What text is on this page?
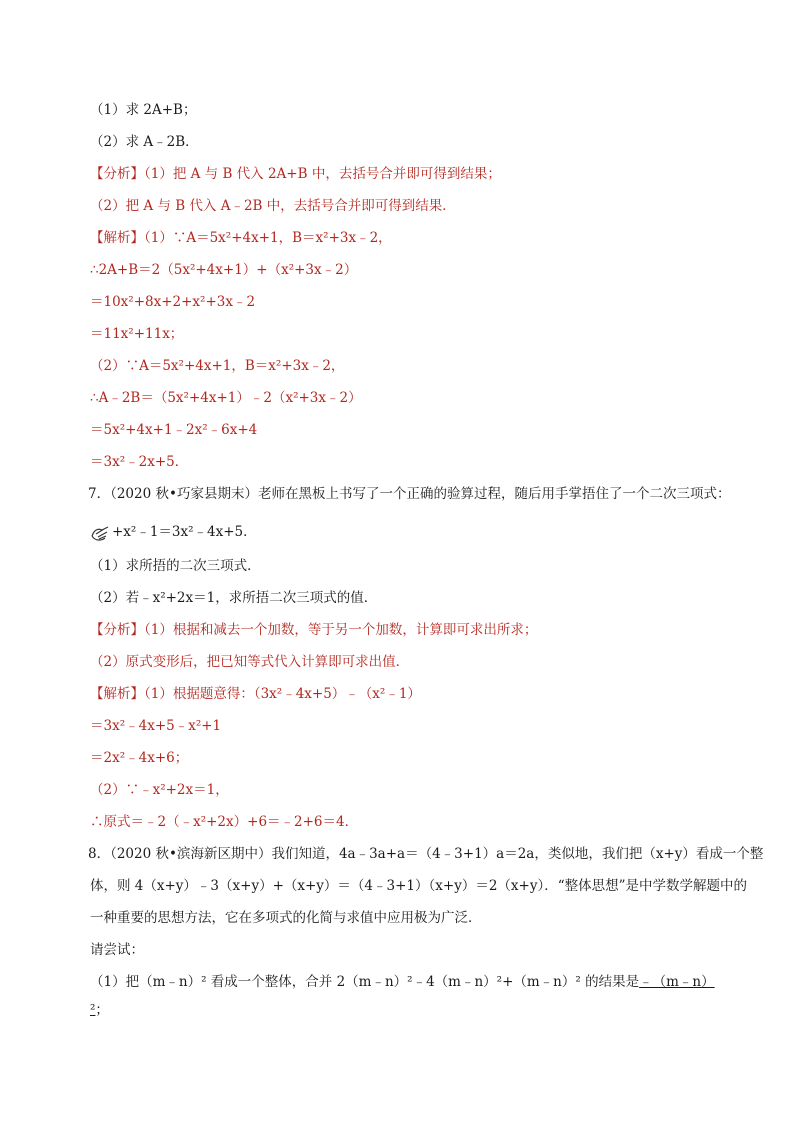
（1）求 2A+B；
（2）求 A﹣2B．
【分析】（1）把 A 与 B 代入 2A+B 中，去括号合并即可得到结果；
（2）把 A 与 B 代入 A﹣2B 中，去括号合并即可得到结果．
【解析】（1）∵A＝5x²+4x+1，B＝x²+3x﹣2，
∴2A+B＝2（5x²+4x+1）+（x²+3x﹣2）
＝10x²+8x+2+x²+3x﹣2
＝11x²+11x；
（2）∵A＝5x²+4x+1，B＝x²+3x﹣2，
∴A﹣2B＝（5x²+4x+1）﹣2（x²+3x﹣2）
＝5x²+4x+1﹣2x²﹣6x+4
＝3x²﹣2x+5．
7．（2020 秋•巧家县期末）老师在黑板上书写了一个正确的验算过程，随后用手掌捂住了一个二次三项式：
+x²﹣1＝3x²﹣4x+5．
（1）求所捂的二次三项式．
（2）若﹣x²+2x＝1，求所捂二次三项式的值．
【分析】（1）根据和减去一个加数，等于另一个加数，计算即可求出所求；
（2）原式变形后，把已知等式代入计算即可求出值．
【解析】（1）根据题意得：（3x²﹣4x+5）﹣（x²﹣1）
＝3x²﹣4x+5﹣x²+1
＝2x²﹣4x+6；
（2）∵﹣x²+2x＝1，
∴原式＝﹣2（﹣x²+2x）+6＝﹣2+6＝4．
8．（2020 秋•滨海新区期中）我们知道，4a﹣3a+a＝（4﹣3+1）a＝2a，类似地，我们把（x+y）看成一个整
体，则 4（x+y）﹣3（x+y）+（x+y）＝（4﹣3+1）（x+y）＝2（x+y）．“整体思想”是中学数学解题中的
一种重要的思想方法，它在多项式的化简与求值中应用极为广泛．
请尝试：
（1）把（m﹣n）² 看成一个整体，合并 2（m﹣n）²﹣4（m﹣n）²+（m﹣n）² 的结果是﹣（m﹣n）
²；
